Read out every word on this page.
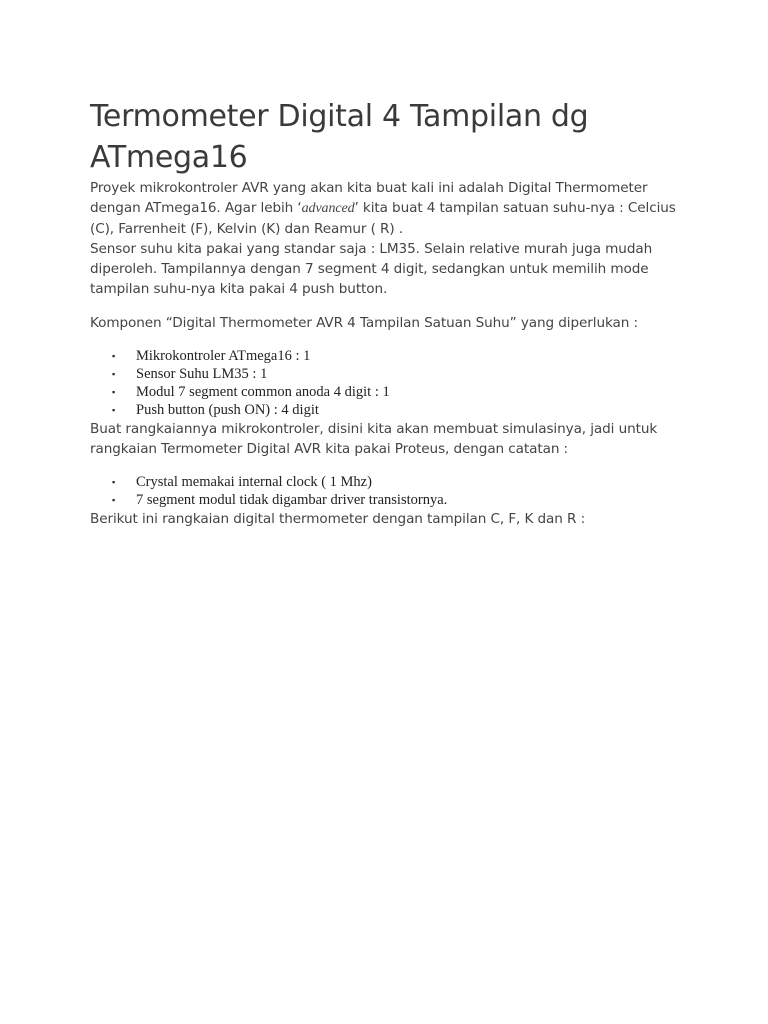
Termometer Digital 4 Tampilan dg
ATmega16

Proyek mikrokontroler AVR yang akan kita buat kali ini adalah Digital Thermometer dengan ATmega16. Agar lebih ‘advanced’ kita buat 4 tampilan satuan suhu-nya : Celcius (C), Farrenheit (F), Kelvin (K) dan Reamur ( R) .

Sensor suhu kita pakai yang standar saja : LM35. Selain relative murah juga mudah diperoleh. Tampilannya dengan 7 segment 4 digit, sedangkan untuk memilih mode tampilan suhu-nya kita pakai 4 push button.

Komponen “Digital Thermometer AVR 4 Tampilan Satuan Suhu” yang diperlukan :

▪ Mikrokontroler ATmega16 : 1
▪ Sensor Suhu LM35 : 1
▪ Modul 7 segment common anoda 4 digit : 1
▪ Push button (push ON) : 4 digit

Buat rangkaiannya mikrokontroler, disini kita akan membuat simulasinya, jadi untuk rangkaian Termometer Digital AVR kita pakai Proteus, dengan catatan :

▪ Crystal memakai internal clock ( 1 Mhz)
▪ 7 segment modul tidak digambar driver transistornya.

Berikut ini rangkaian digital thermometer dengan tampilan C, F, K dan R :
